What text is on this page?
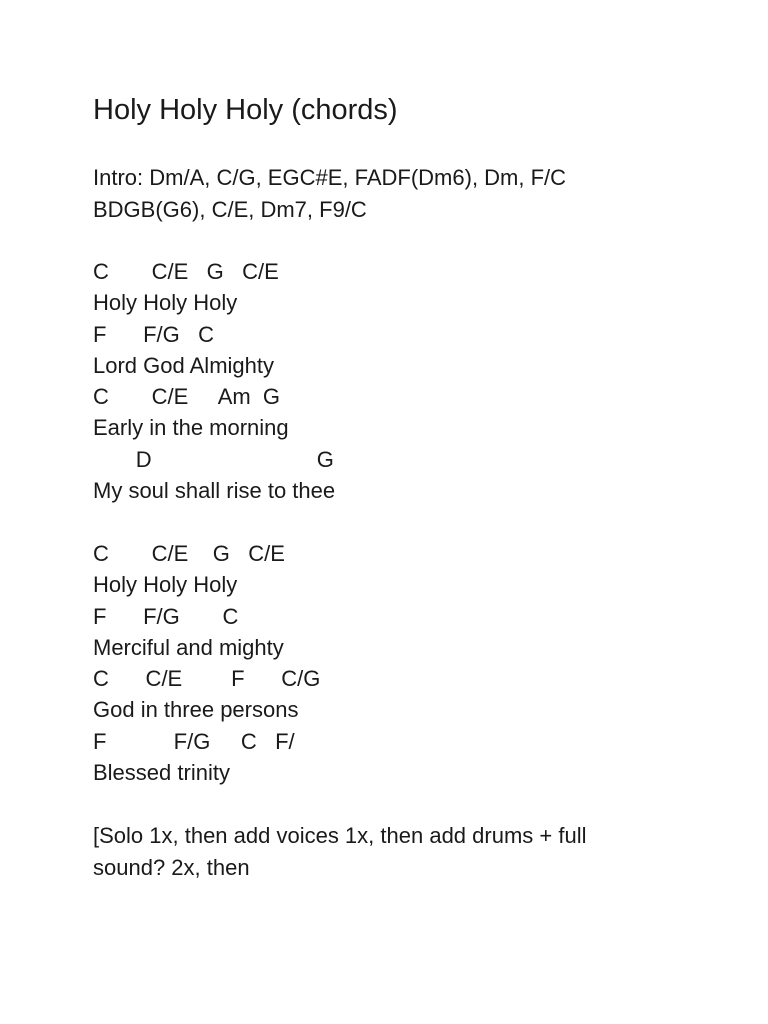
Holy Holy Holy (chords)
Intro: Dm/A, C/G, EGC#E, FADF(Dm6), Dm, F/C
BDGB(G6), C/E, Dm7, F9/C
C       C/E   G   C/E
Holy Holy Holy
F      F/G   C
Lord God Almighty
C       C/E     Am  G
Early in the morning
D                           G
My soul shall rise to thee
C       C/E    G   C/E
Holy Holy Holy
F      F/G       C
Merciful and mighty
C      C/E        F      C/G
God in three persons
F           F/G     C   F/
Blessed trinity
[Solo 1x, then add voices 1x, then add drums + full
sound? 2x, then
